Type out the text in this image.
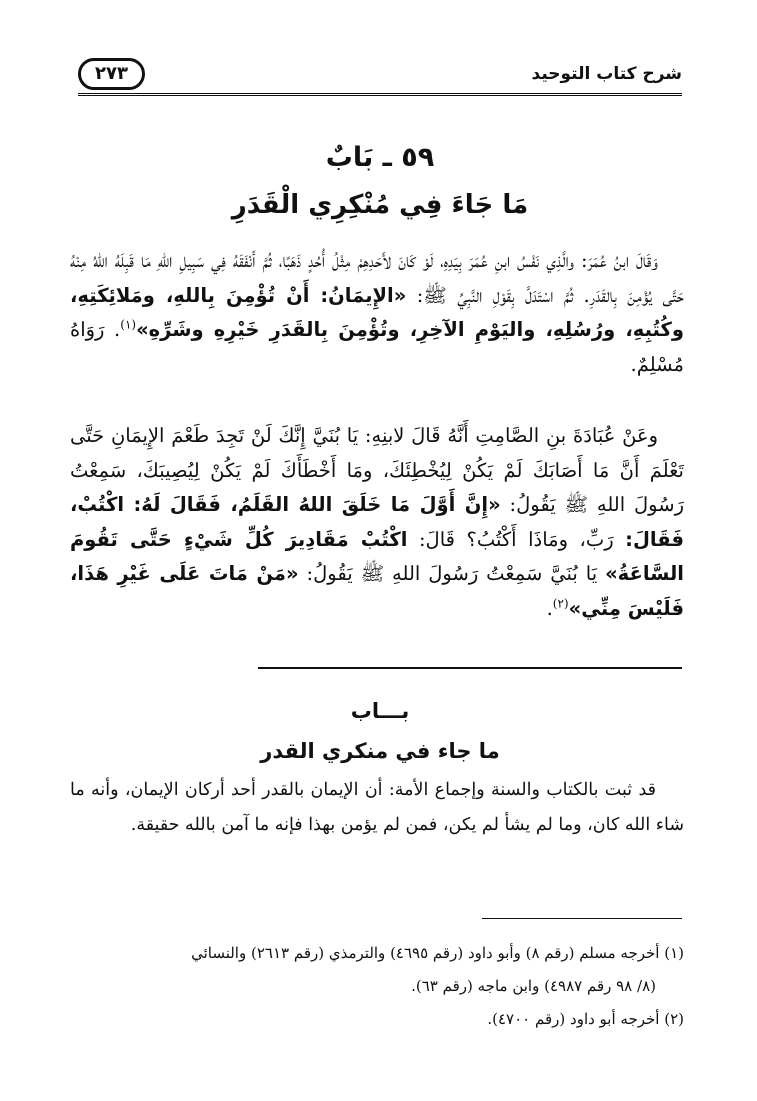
شرح كتاب التوحيد
٢٧٣
٥٩ ـ بَابٌ
مَا جَاءَ فِي مُنْكِرِي الْقَدَرِ

وَقَالَ ابنُ عُمَرَ: والَّذِي نَفْسُ ابنِ عُمَرَ بِيَدِهِ، لَوْ كَانَ لأَحَدِهِمْ مِثْلُ أُحُدٍ ذَهَبًا، ثُمَّ أَنْفَقَهُ فِي سَبِيلِ اللهِ مَا قَبِلَهُ اللهُ مِنْهُ حَتَّى يُؤْمِنَ بِالقَدَرِ. ثُمَّ اسْتَدَلَّ بِقَوْلِ النَّبِيِّ ﷺ: «الإِيمَانُ: أَنْ تُؤْمِنَ بِاللهِ، ومَلائِكَتِهِ، وكُتُبِهِ، ورُسُلِهِ، واليَوْمِ الآخِرِ، وتُؤْمِنَ بِالقَدَرِ خَيْرِهِ وشَرِّهِ»$^{(١)}$. رَوَاهُ مُسْلِمٌ.

وعَنْ عُبَادَةَ بنِ الصَّامِتِ أَنَّهُ قَالَ لابنِهِ: يَا بُنَيَّ إِنَّكَ لَنْ تَجِدَ طَعْمَ الإِيمَانِ حَتَّى تَعْلَمَ أَنَّ مَا أَصَابَكَ لَمْ يَكُنْ لِيُخْطِئَكَ، ومَا أَخْطَأَكَ لَمْ يَكُنْ لِيُصِيبَكَ، سَمِعْتُ رَسُولَ اللهِ ﷺ يَقُولُ: «إِنَّ أَوَّلَ مَا خَلَقَ اللهُ القَلَمُ، فَقَالَ لَهُ: اكْتُبْ، فَقَالَ: رَبِّ، ومَاذَا أَكْتُبُ؟ قَالَ: اكْتُبْ مَقَادِيرَ كُلِّ شَيْءٍ حَتَّى تَقُومَ السَّاعَةُ» يَا بُنَيَّ سَمِعْتُ رَسُولَ اللهِ ﷺ يَقُولُ: «مَنْ مَاتَ عَلَى غَيْرِ هَذَا، فَلَيْسَ مِنِّي»$^{(٢)}$.

بـــاب
ما جاء في منكري القدر

قد ثبت بالكتاب والسنة وإجماع الأمة: أن الإيمان بالقدر أحد أركان الإيمان، وأنه ما شاء الله كان، وما لم يشأ لم يكن، فمن لم يؤمن بهذا فإنه ما آمن بالله حقيقة.

(١) أخرجه مسلم (رقم ٨) وأبو داود (رقم ٤٦٩٥) والترمذي (رقم ٢٦١٣) والنسائي

(٨/ ٩٨ رقم ٤٩٨٧) وابن ماجه (رقم ٦٣).

(٢) أخرجه أبو داود (رقم ٤٧٠٠).
